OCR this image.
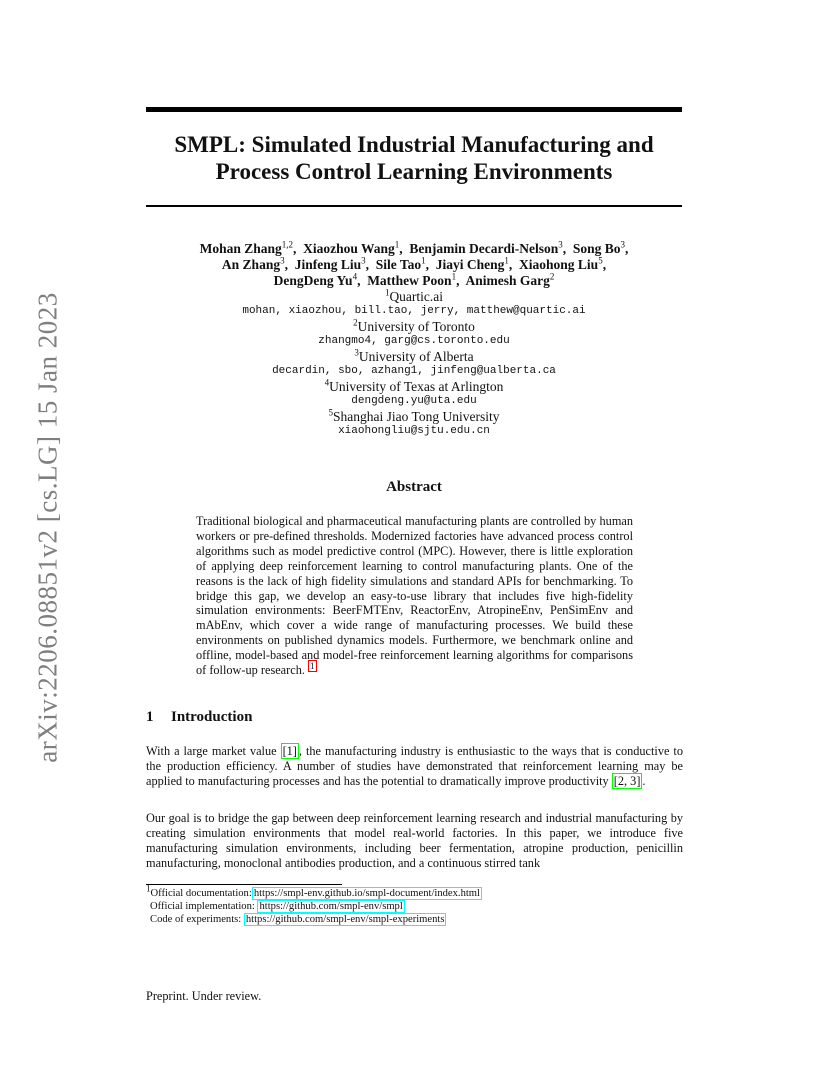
arXiv:2206.08851v2 [cs.LG] 15 Jan 2023
SMPL: Simulated Industrial Manufacturing and
Process Control Learning Environments
Mohan Zhang$^{1,2}$,  Xiaozhou Wang$^1$,  Benjamin Decardi-Nelson$^3$,  Song Bo$^3$,
An Zhang$^3$,  Jinfeng Liu$^3$,  Sile Tao$^1$,  Jiayi Cheng$^1$,  Xiaohong Liu$^5$,
DengDeng Yu$^4$,  Matthew Poon$^1$,  Animesh Garg$^2$
$^1$Quartic.ai
mohan, xiaozhou, bill.tao, jerry, matthew@quartic.ai
$^2$University of Toronto
zhangmo4, garg@cs.toronto.edu
$^3$University of Alberta
decardin, sbo, azhang1, jinfeng@ualberta.ca
$^4$University of Texas at Arlington
dengdeng.yu@uta.edu
$^5$Shanghai Jiao Tong University
xiaohongliu@sjtu.edu.cn
Abstract
Traditional biological and pharmaceutical manufacturing plants are controlled by human workers or pre-defined thresholds. Modernized factories have advanced process control algorithms such as model predictive control (MPC). However, there is little exploration of applying deep reinforcement learning to control manufacturing plants. One of the reasons is the lack of high fidelity simulations and standard APIs for benchmarking. To bridge this gap, we develop an easy-to-use library that includes five high-fidelity simulation environments: BeerFMTEnv, ReactorEnv, AtropineEnv, PenSimEnv and mAbEnv, which cover a wide range of manufacturing processes. We build these environments on published dynamics models. Furthermore, we benchmark online and offline, model-based and model-free reinforcement learning algorithms for comparisons of follow-up research. $^1$
1 Introduction
With a large market value [1] , the manufacturing industry is enthusiastic to the ways that is conductive to the production efficiency. A number of studies have demonstrated that reinforcement learning may be applied to manufacturing processes and has the potential to dramatically improve productivity [2, 3] .
Our goal is to bridge the gap between deep reinforcement learning research and industrial manufacturing by creating simulation environments that model real-world factories. In this paper, we introduce five manufacturing simulation environments, including beer fermentation, atropine production, penicillin manufacturing, monoclonal antibodies production, and a continuous stirred tank
$^1$Official documentation: https://smpl-env.github.io/smpl-document/index.html
Official implementation: https://github.com/smpl-env/smpl
Code of experiments: https://github.com/smpl-env/smpl-experiments
Preprint. Under review.
